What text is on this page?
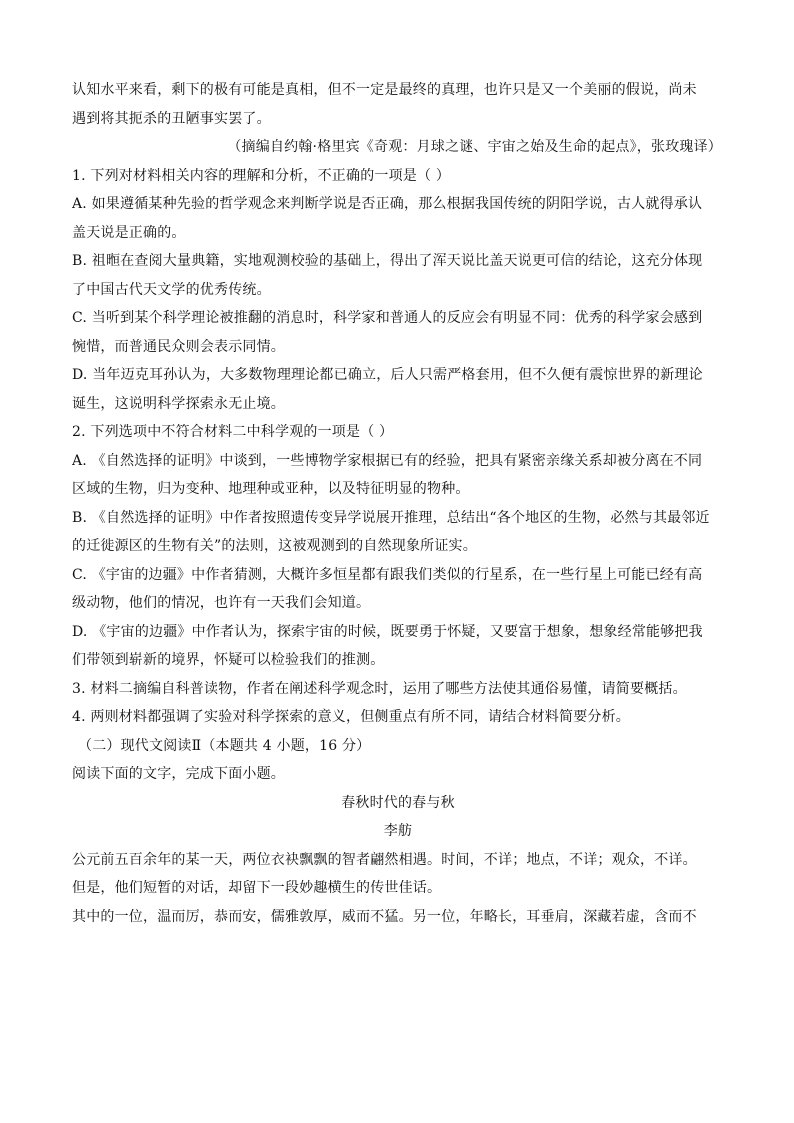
认知水平来看，剩下的极有可能是真相，但不一定是最终的真理，也许只是又一个美丽的假说，尚未
遇到将其扼杀的丑陋事实罢了。
（摘编自约翰·格里宾《奇观：月球之谜、宇宙之始及生命的起点》，张玫瑰译）
1. 下列对材料相关内容的理解和分析，不正确的一项是（ ）
A. 如果遵循某种先验的哲学观念来判断学说是否正确，那么根据我国传统的阴阳学说，古人就得承认
盖天说是正确的。
B. 祖暅在查阅大量典籍，实地观测校验的基础上，得出了浑天说比盖天说更可信的结论，这充分体现
了中国古代天文学的优秀传统。
C. 当听到某个科学理论被推翻的消息时，科学家和普通人的反应会有明显不同：优秀的科学家会感到
惋惜，而普通民众则会表示同情。
D. 当年迈克耳孙认为，大多数物理理论都已确立，后人只需严格套用，但不久便有震惊世界的新理论
诞生，这说明科学探索永无止境。
2. 下列选项中不符合材料二中科学观的一项是（ ）
A. 《自然选择的证明》中谈到，一些博物学家根据已有的经验，把具有紧密亲缘关系却被分离在不同
区域的生物，归为变种、地理种或亚种，以及特征明显的物种。
B. 《自然选择的证明》中作者按照遗传变异学说展开推理，总结出“各个地区的生物，必然与其最邻近
的迁徙源区的生物有关”的法则，这被观测到的自然现象所证实。
C. 《宇宙的边疆》中作者猜测，大概许多恒星都有跟我们类似的行星系，在一些行星上可能已经有高
级动物，他们的情况，也许有一天我们会知道。
D. 《宇宙的边疆》中作者认为，探索宇宙的时候，既要勇于怀疑，又要富于想象，想象经常能够把我
们带领到崭新的境界，怀疑可以检验我们的推测。
3. 材料二摘编自科普读物，作者在阐述科学观念时，运用了哪些方法使其通俗易懂，请简要概括。
4. 两则材料都强调了实验对科学探索的意义，但侧重点有所不同，请结合材料简要分析。
（二）现代文阅读Ⅱ（本题共 4 小题，16 分）
阅读下面的文字，完成下面小题。
春秋时代的春与秋
李舫
公元前五百余年的某一天，两位衣袂飘飘的智者翩然相遇。时间，不详；地点，不详；观众，不详。
但是，他们短暂的对话，却留下一段妙趣横生的传世佳话。
其中的一位，温而厉，恭而安，儒雅敦厚，威而不猛。另一位，年略长，耳垂肩，深藏若虚，含而不
